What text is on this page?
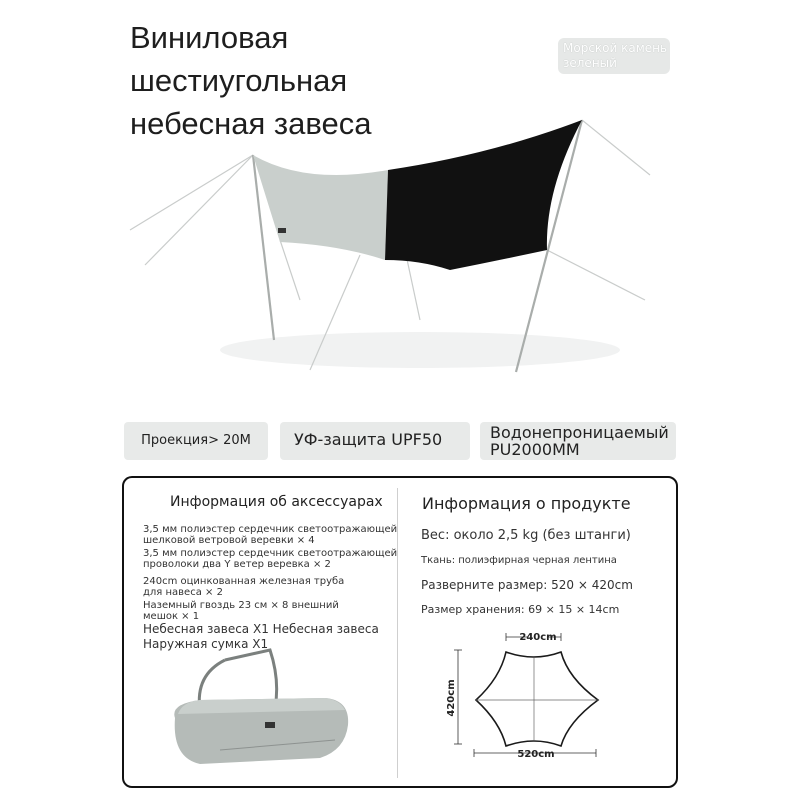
Виниловая
шестиугольная
небесная завеса
Морской камень
зеленый
Проекция> 20M	УФ-защита UPF50	Водонепроницаемый
PU2000MM
Информация об аксессуарах Информация о продукте
3,5 мм полиэстер сердечник светоотражающей
шелковой ветровой веревки × 4
3,5 мм полиэстер сердечник светоотражающей
проволоки два Y ветер веревка × 2
240cm оцинкованная железная труба
для навеса × 2
Наземный гвоздь 23 см × 8 внешний
мешок × 1
Небесная завеса X1 Небесная завеса
Наружная сумка X1
Вес: около 2,5 kg (без штанги)
Ткань: полиэфирная черная лентина
Разверните размер: 520 × 420cm
Размер хранения: 69 × 15 × 14cm
240cm
420cm
520cm
